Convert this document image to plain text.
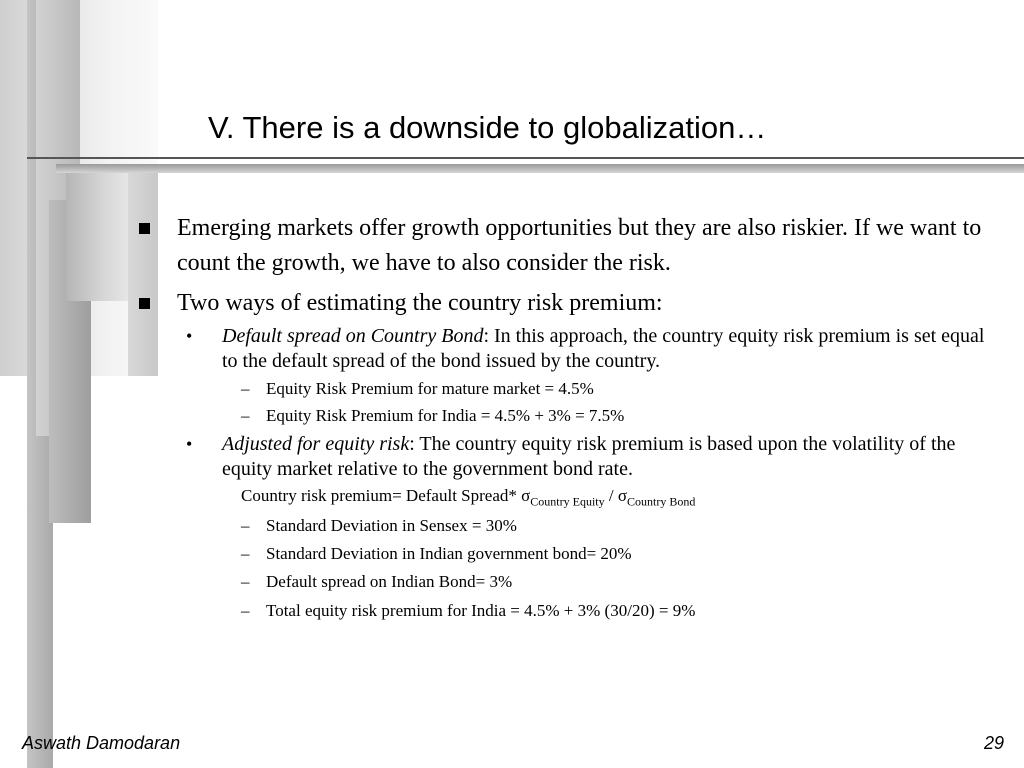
V. There is a downside to globalization…
Emerging markets offer growth opportunities but they are also riskier. If we want to count the growth, we have to also consider the risk.
Two ways of estimating the country risk premium:
• Default spread on Country Bond: In this approach, the country equity risk premium is set equal to the default spread of the bond issued by the country.
– Equity Risk Premium for mature market = 4.5%
– Equity Risk Premium for India = 4.5% + 3% = 7.5%
• Adjusted for equity risk: The country equity risk premium is based upon the volatility of the equity market relative to the government bond rate.
Country risk premium= Default Spread* $\sigma_{Country Equity} / \sigma_{Country Bond}$
– Standard Deviation in Sensex = 30%
– Standard Deviation in Indian government bond= 20%
– Default spread on Indian Bond= 3%
– Total equity risk premium for India = 4.5% + 3% (30/20) = 9%
Aswath Damodaran	29
